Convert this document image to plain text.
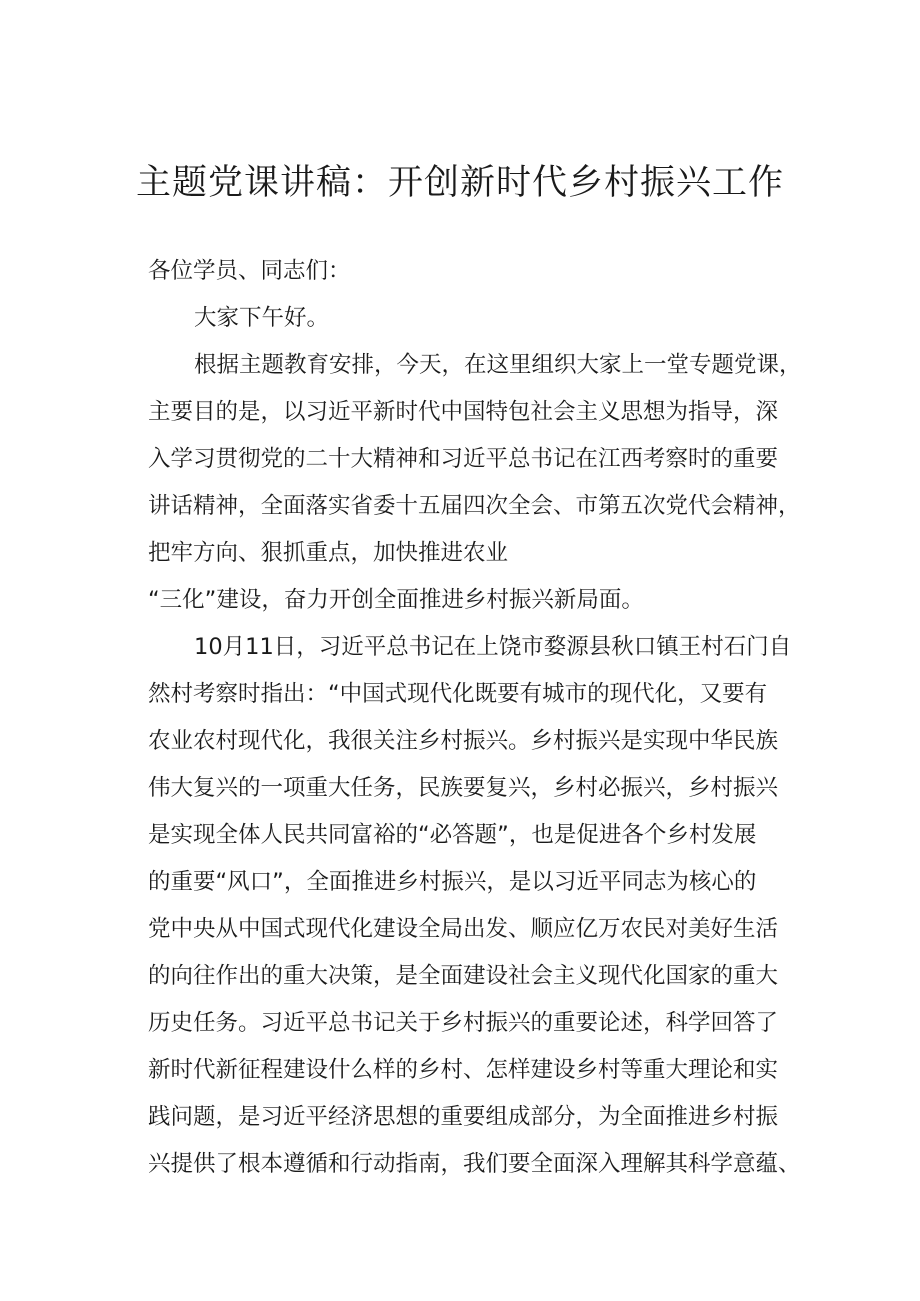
主题党课讲稿：开创新时代乡村振兴工作
各位学员、同志们：
大家下午好。
根据主题教育安排，今天，在这里组织大家上一堂专题党课，
主要目的是，以习近平新时代中国特包社会主义思想为指导，深
入学习贯彻党的二十大精神和习近平总书记在江西考察时的重要
讲话精神，全面落实省委十五届四次全会、市第五次党代会精神，
把牢方向、狠抓重点，加快推进农业
“三化”建设，奋力开创全面推进乡村振兴新局面。
10月11日，习近平总书记在上饶市婺源县秋口镇王村石门自
然村考察时指出：“中国式现代化既要有城市的现代化，又要有
农业农村现代化，我很关注乡村振兴。乡村振兴是实现中华民族
伟大复兴的一项重大任务，民族要复兴，乡村必振兴，乡村振兴
是实现全体人民共同富裕的“必答题”，也是促进各个乡村发展
的重要“风口”，全面推进乡村振兴，是以习近平同志为核心的
党中央从中国式现代化建设全局出发、顺应亿万农民对美好生活
的向往作出的重大决策，是全面建设社会主义现代化国家的重大
历史任务。习近平总书记关于乡村振兴的重要论述，科学回答了
新时代新征程建设什么样的乡村、怎样建设乡村等重大理论和实
践问题，是习近平经济思想的重要组成部分，为全面推进乡村振
兴提供了根本遵循和行动指南，我们要全面深入理解其科学意蕴、
